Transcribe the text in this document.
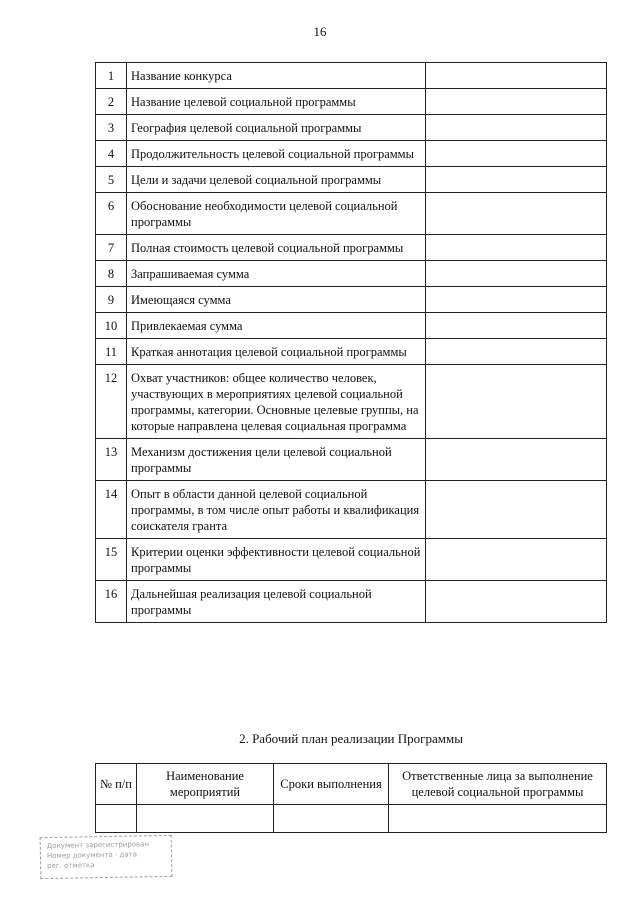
16
1	Название конкурса	
2	Название целевой социальной программы	
3	География целевой социальной программы	
4	Продолжительность целевой социальной программы	
5	Цели и задачи целевой социальной программы	
6	Обоснование необходимости целевой социальной программы	
7	Полная стоимость целевой социальной программы	
8	Запрашиваемая сумма	
9	Имеющаяся сумма	
10	Привлекаемая сумма	
11	Краткая аннотация целевой социальной программы	
12	Охват участников: общее количество человек, участвующих в мероприятиях целевой социальной программы, категории. Основные целевые группы, на которые направлена целевая социальная программа	
13	Механизм достижения цели целевой социальной программы	
14	Опыт в области данной целевой социальной программы, в том числе опыт работы и квалификация соискателя гранта	
15	Критерии оценки эффективности целевой социальной программы	
16	Дальнейшая реализация целевой социальной программы	
2. Рабочий план реализации Программы
№ п/п	Наименование мероприятий	Сроки выполнения	Ответственные лица за выполнение целевой социальной программы

Документ зарегистрирован
Номер документа · дата
рег. отметка
